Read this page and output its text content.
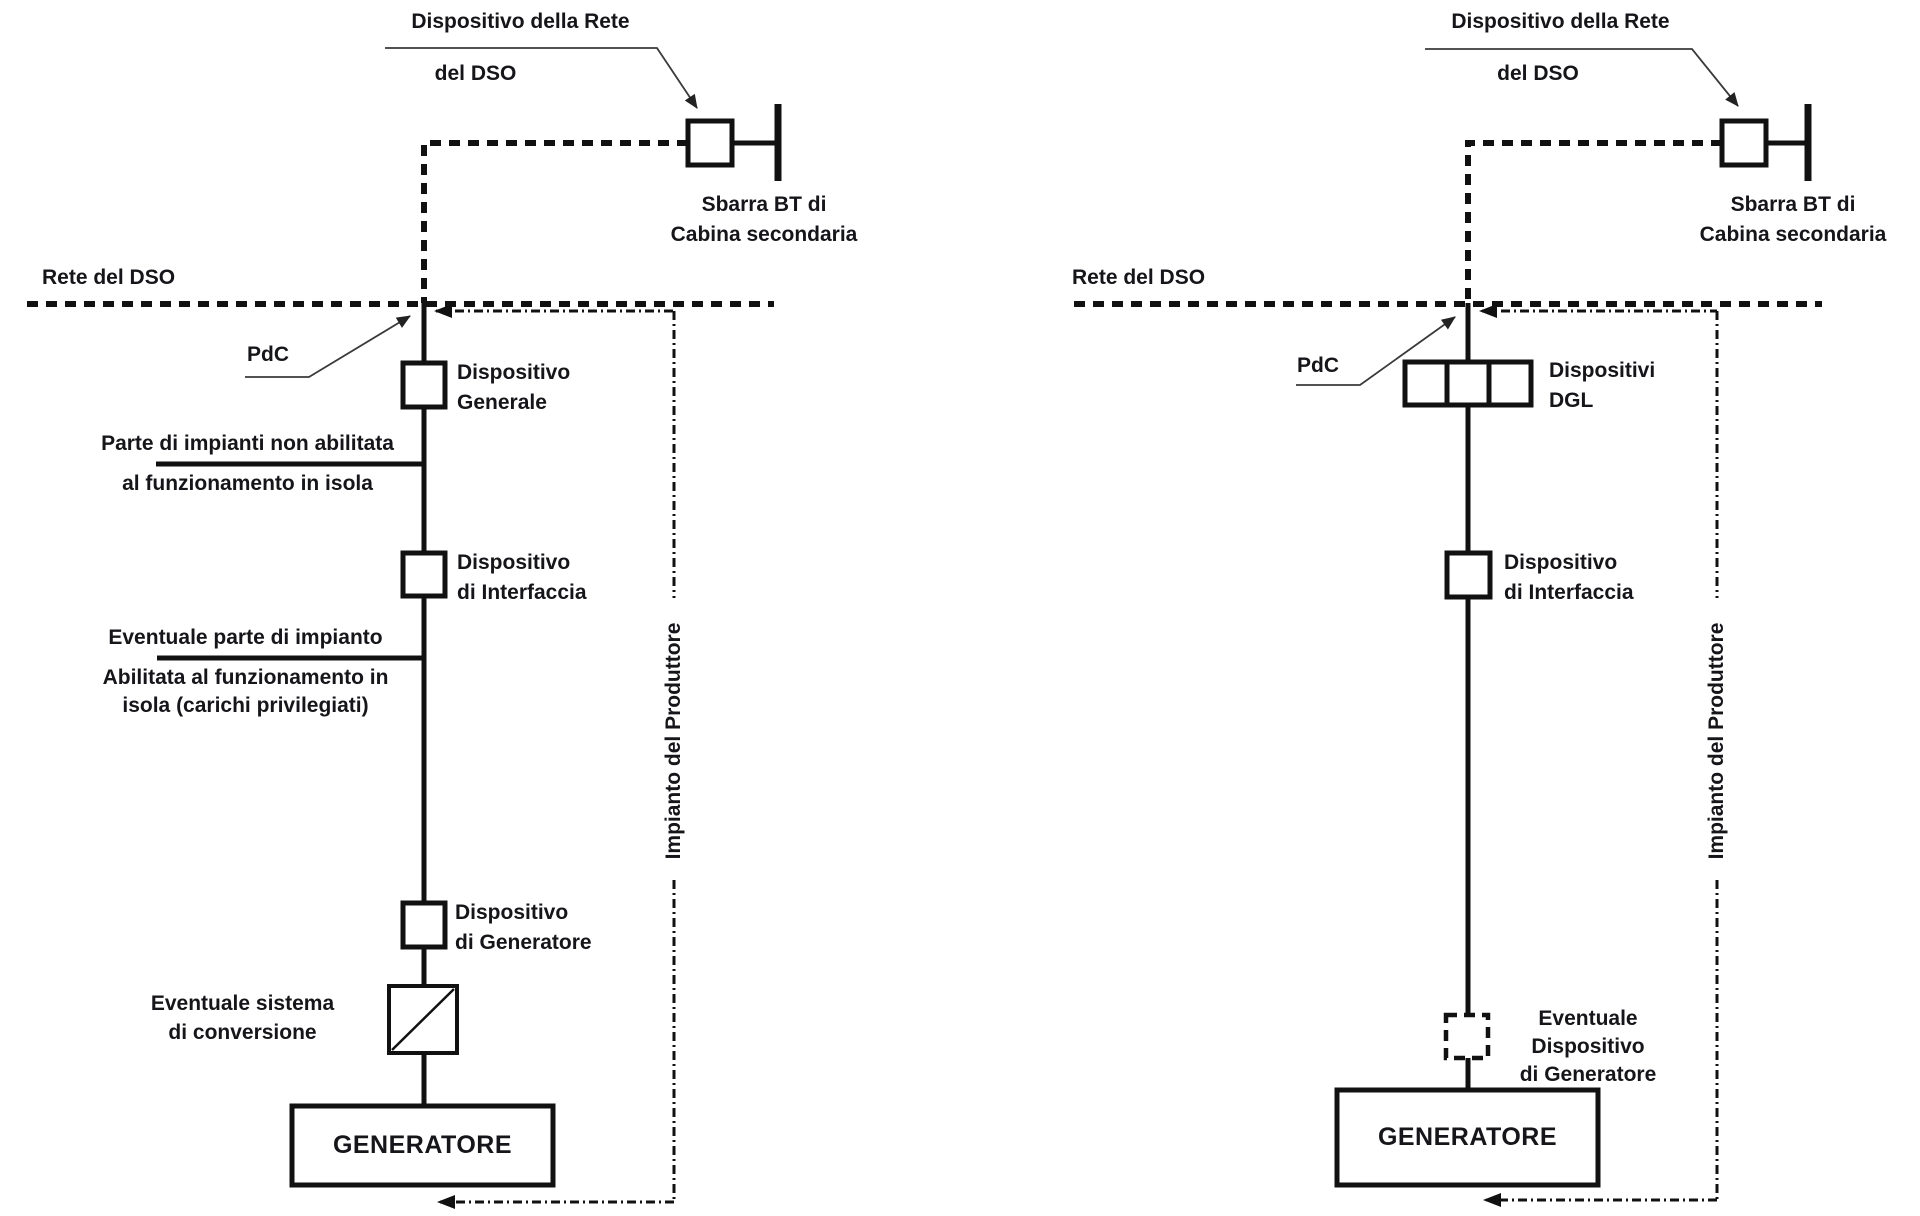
Dispositivo della Rete
del DSO
Sbarra BT di
Cabina secondaria
Rete del DSO
PdC
Dispositivo
Generale
Parte di impianti non abilitata
al funzionamento in isola
Dispositivo
di Interfaccia
Eventuale parte di impianto
Abilitata al funzionamento in
isola (carichi privilegiati)
Dispositivo
di Generatore
Eventuale sistema
di conversione
GENERATORE
Impianto del Produttore
Dispositivo della Rete
del DSO
Sbarra BT di
Cabina secondaria
Rete del DSO
PdC	Dispositivi
DGL
Dispositivo
di Interfaccia
Eventuale
Dispositivo
di Generatore
GENERATORE
Impianto del Produttore
